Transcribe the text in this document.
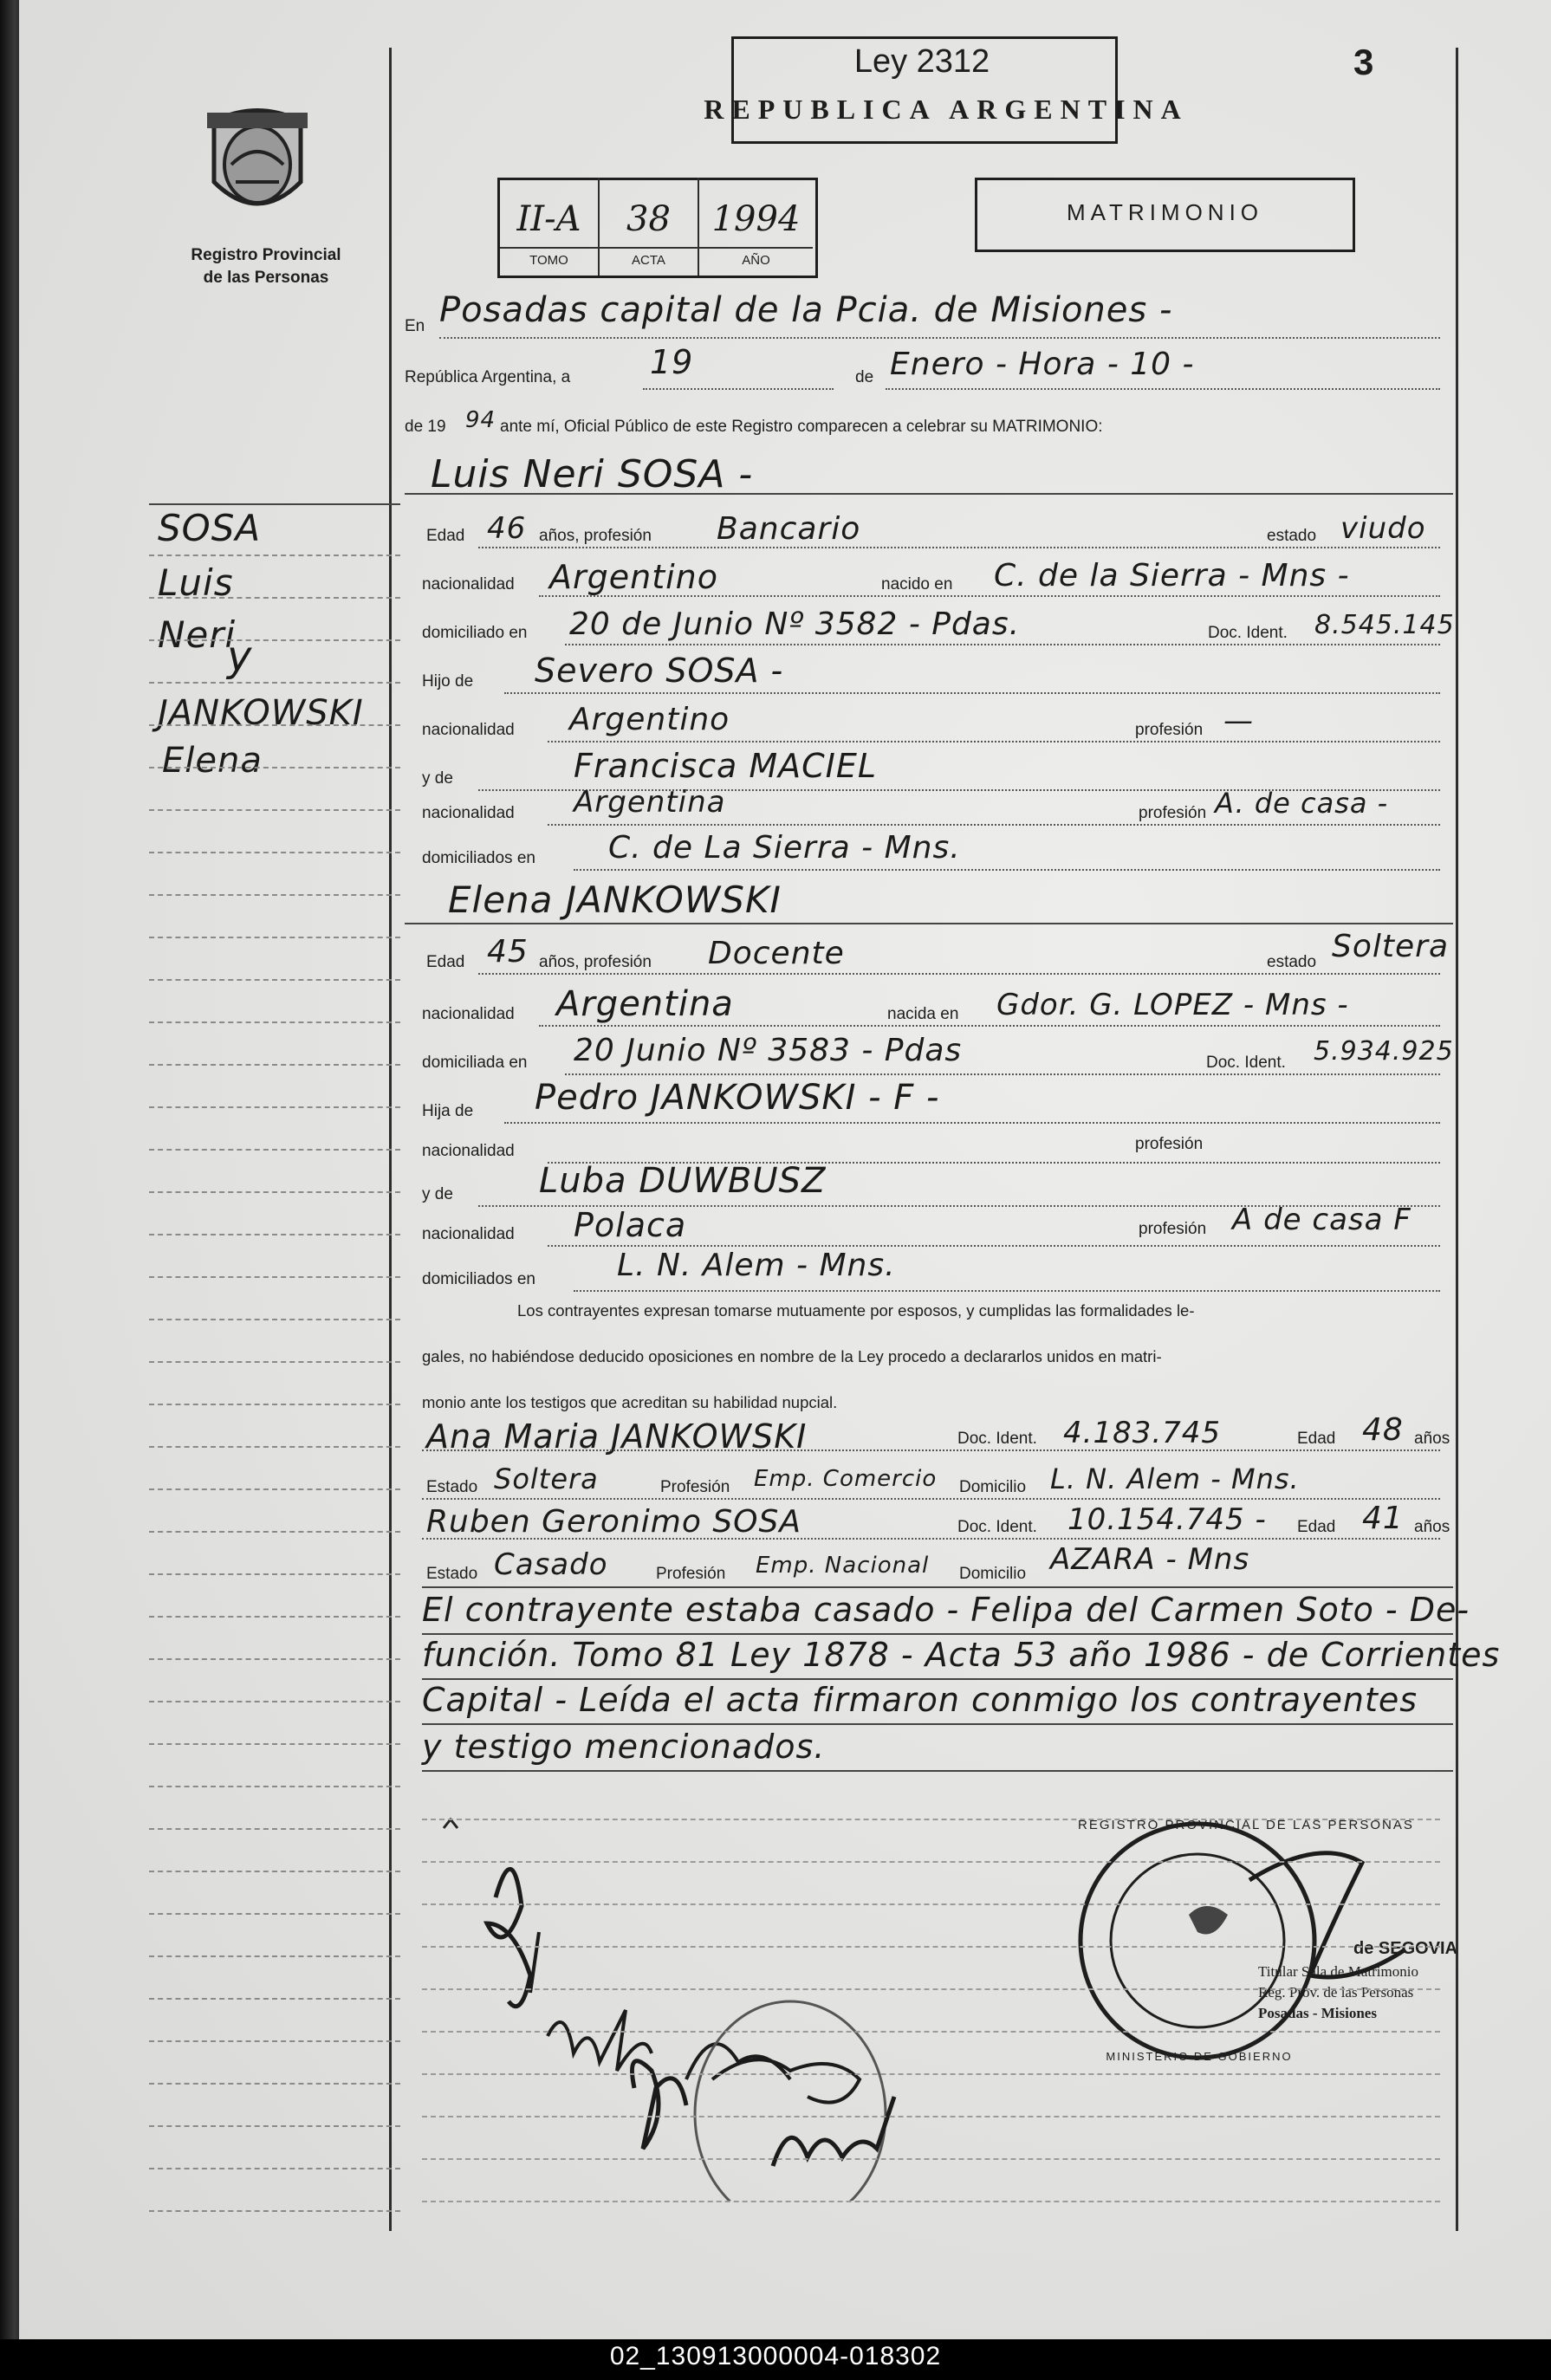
Registro Provincial
de las Personas
Ley 2312
REPUBLICA ARGENTINA
3
II-A	38	1994
TOMO	ACTA	AÑO
MATRIMONIO
En Posadas capital de la Pcia. de Misiones -
República Argentina, a 19	de Enero - Hora - 10 -
de 19 94 ante mí, Oficial Público de este Registro comparecen a celebrar su MATRIMONIO:
SOSA
Luis
Neri
y
JANKOWSKI
Elena
Luis Neri SOSA -
Edad 46 años, profesión Bancario	estado viudo
nacionalidad Argentino	nacido en C. de la Sierra - Mns -
domiciliado en 20 de Junio Nº 3582 - Pdas.	Doc. Ident. 8.545.145
Hijo de Severo SOSA -
nacionalidad Argentino	profesión —
y de	Francisca MACIEL
nacionalidad Argentina	profesión A. de casa -
domiciliados en C. de La Sierra - Mns.
Elena JANKOWSKI
Edad 45 años, profesión Docente	estado Soltera
nacionalidad Argentina	nacida en Gdor. G. LOPEZ - Mns -
domiciliada en 20 Junio Nº 3583 - Pdas	Doc. Ident. 5.934.925
Hija de Pedro JANKOWSKI - F -
nacionalidad	profesión
y de Luba DUWBUSZ
nacionalidad Polaca	profesión A de casa F
domiciliados en	L. N. Alem - Mns.
Los contrayentes expresan tomarse mutuamente por esposos, y cumplidas las formalidades le-
gales, no habiéndose deducido oposiciones en nombre de la Ley procedo a declararlos unidos en matri-
monio ante los testigos que acreditan su habilidad nupcial.
Ana Maria JANKOWSKI	Doc. Ident. 4.183.745	Edad 48 años
Estado Soltera	Profesión Emp. Comercio Domicilio L. N. Alem - Mns.
Ruben Geronimo SOSA	Doc. Ident. 10.154.745 - Edad 41 años
Estado Casado	Profesión Emp. Nacional Domicilio AZARA - Mns
El contrayente estaba casado - Felipa del Carmen Soto - De-
función. Tomo 81 Ley 1878 - Acta 53 año 1986 - de Corrientes
Capital - Leída el acta firmaron conmigo los contrayentes
y testigo mencionados.
REGISTRO PROVINCIAL DE LAS PERSONAS
MINISTERIO DE GOBIERNO
de SEGOVIA
Titular Sala de Matrimonio
Reg. Prov. de las Personas
Posadas - Misiones
02_130913000004-018302
